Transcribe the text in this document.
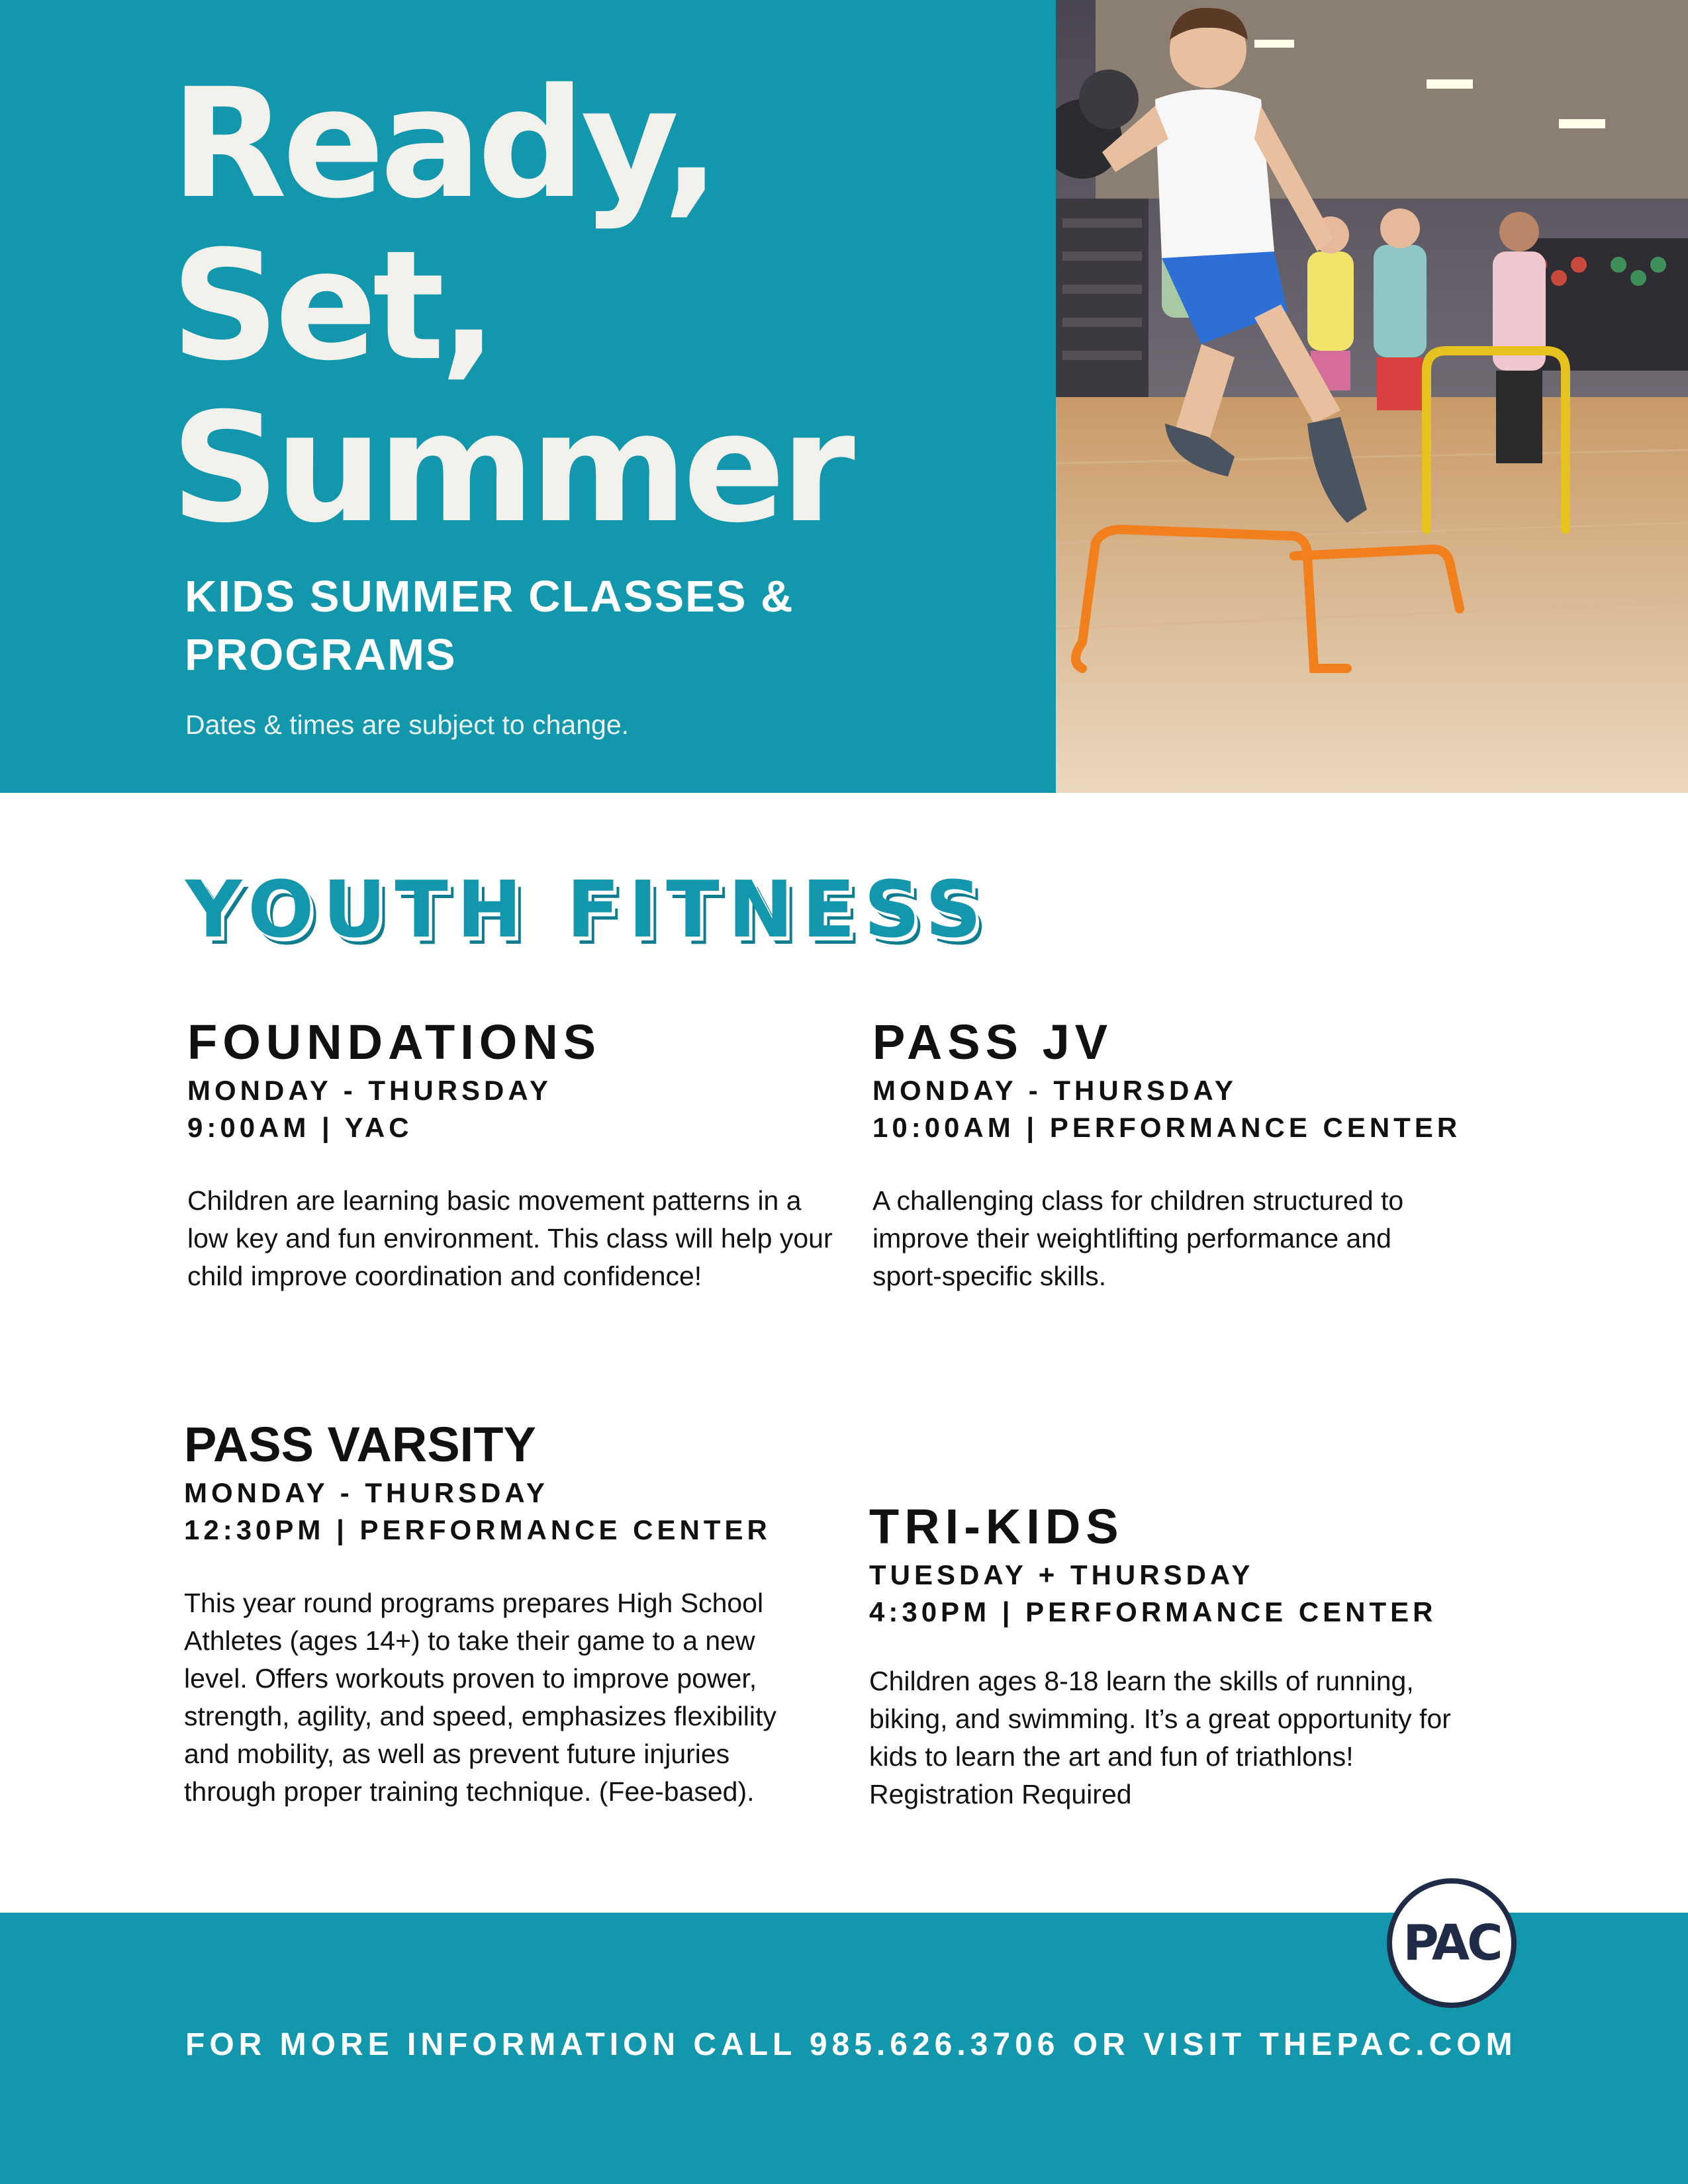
Ready,
Set,
Summer

KIDS SUMMER CLASSES & PROGRAMS

Dates & times are subject to change.

YOUTH FITNESS
FOUNDATIONS
MONDAY - THURSDAY
9:00AM | YAC
Children are learning basic movement patterns in a low key and fun environment. This class will help your child improve coordination and confidence!
PASS JV
MONDAY - THURSDAY
10:00AM | PERFORMANCE CENTER
A challenging class for children structured to improve their weightlifting performance and sport-specific skills.
PASS VARSITY
MONDAY - THURSDAY
12:30PM | PERFORMANCE CENTER
This year round programs prepares High School Athletes (ages 14+) to take their game to a new level. Offers workouts proven to improve power, strength, agility, and speed, emphasizes flexibility and mobility, as well as prevent future injuries through proper training technique. (Fee-based).
TRI-KIDS
TUESDAY + THURSDAY
4:30PM | PERFORMANCE CENTER
Children ages 8-18 learn the skills of running, biking, and swimming. It’s a great opportunity for kids to learn the art and fun of triathlons! Registration Required
PAC

FOR MORE INFORMATION CALL 985.626.3706 OR VISIT THEPAC.COM
